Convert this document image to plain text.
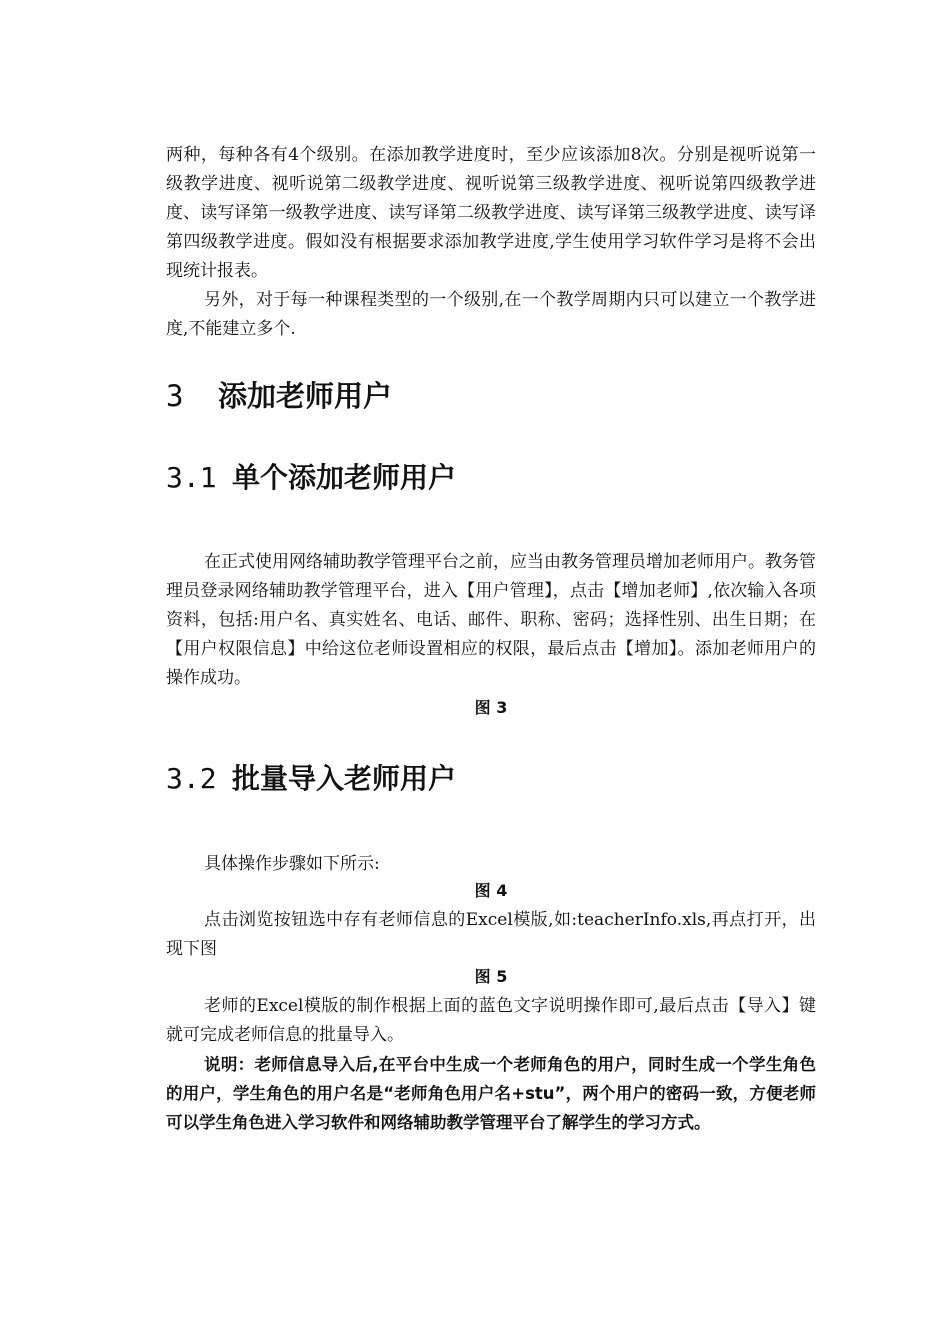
两种，每种各有4个级别。在添加教学进度时，至少应该添加8次。分别是视听说第一级教学进度、视听说第二级教学进度、视听说第三级教学进度、视听说第四级教学进度、读写译第一级教学进度、读写译第二级教学进度、读写译第三级教学进度、读写译第四级教学进度。假如没有根据要求添加教学进度,学生使用学习软件学习是将不会出现统计报表。

另外，对于每一种课程类型的一个级别,在一个教学周期内只可以建立一个教学进度,不能建立多个.

3 添加老师用户
3.1 单个添加老师用户

在正式使用网络辅助教学管理平台之前，应当由教务管理员增加老师用户。教务管理员登录网络辅助教学管理平台，进入【用户管理】，点击【增加老师】,依次输入各项资料，包括:用户名、真实姓名、电话、邮件、职称、密码；选择性别、出生日期；在【用户权限信息】中给这位老师设置相应的权限，最后点击【增加】。添加老师用户的操作成功。

图 3

3.2 批量导入老师用户

具体操作步骤如下所示:

图 4

点击浏览按钮选中存有老师信息的Excel模版,如:teacherInfo.xls,再点打开，出现下图

图 5

老师的Excel模版的制作根据上面的蓝色文字说明操作即可,最后点击【导入】键就可完成老师信息的批量导入。

说明：老师信息导入后,在平台中生成一个老师角色的用户，同时生成一个学生角色的用户，学生角色的用户名是“老师角色用户名+stu”，两个用户的密码一致，方便老师可以学生角色进入学习软件和网络辅助教学管理平台了解学生的学习方式。
